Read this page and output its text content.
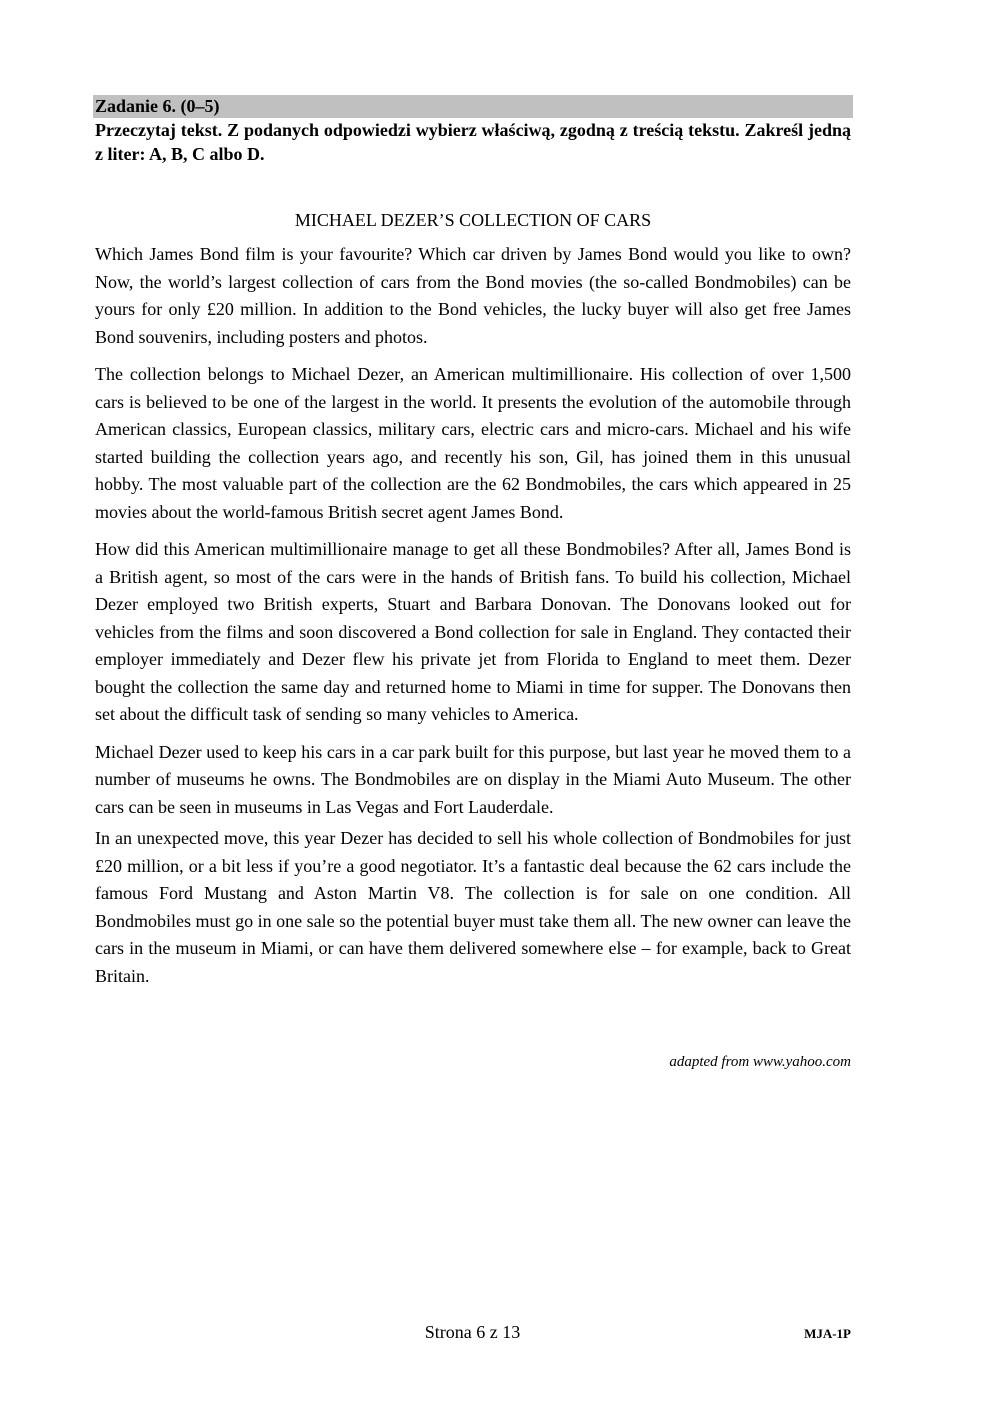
Zadanie 6. (0–5)
Przeczytaj tekst. Z podanych odpowiedzi wybierz właściwą, zgodną z treścią tekstu. Zakreśl jedną z liter: A, B, C albo D.
MICHAEL DEZER’S COLLECTION OF CARS

Which James Bond film is your favourite? Which car driven by James Bond would you like to own? Now, the world’s largest collection of cars from the Bond movies (the so-called Bondmobiles) can be yours for only £20 million. In addition to the Bond vehicles, the lucky buyer will also get free James Bond souvenirs, including posters and photos.

The collection belongs to Michael Dezer, an American multimillionaire. His collection of over 1,500 cars is believed to be one of the largest in the world. It presents the evolution of the automobile through American classics, European classics, military cars, electric cars and micro-cars. Michael and his wife started building the collection years ago, and recently his son, Gil, has joined them in this unusual hobby. The most valuable part of the collection are the 62 Bondmobiles, the cars which appeared in 25 movies about the world-famous British secret agent James Bond.

How did this American multimillionaire manage to get all these Bondmobiles? After all, James Bond is a British agent, so most of the cars were in the hands of British fans. To build his collection, Michael Dezer employed two British experts, Stuart and Barbara Donovan. The Donovans looked out for vehicles from the films and soon discovered a Bond collection for sale in England. They contacted their employer immediately and Dezer flew his private jet from Florida to England to meet them. Dezer bought the collection the same day and returned home to Miami in time for supper. The Donovans then set about the difficult task of sending so many vehicles to America.

Michael Dezer used to keep his cars in a car park built for this purpose, but last year he moved them to a number of museums he owns. The Bondmobiles are on display in the Miami Auto Museum. The other cars can be seen in museums in Las Vegas and Fort Lauderdale.

In an unexpected move, this year Dezer has decided to sell his whole collection of Bondmobiles for just £20 million, or a bit less if you’re a good negotiator. It’s a fantastic deal because the 62 cars include the famous Ford Mustang and Aston Martin V8. The collection is for sale on one condition. All Bondmobiles must go in one sale so the potential buyer must take them all. The new owner can leave the cars in the museum in Miami, or can have them delivered somewhere else – for example, back to Great Britain.

adapted from www.yahoo.com
Strona 6 z 13	MJA-1P
